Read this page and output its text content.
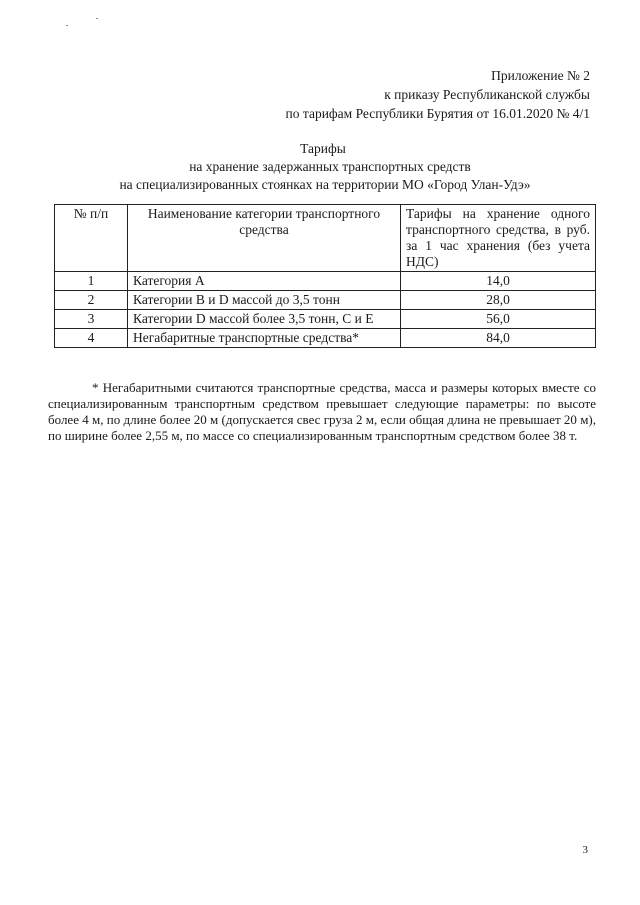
Приложение № 2
к приказу Республиканской службы
по тарифам Республики Бурятия от 16.01.2020 № 4/1
Тарифы
на хранение задержанных транспортных средств
на специализированных стоянках на территории МО «Город Улан-Удэ»
№ п/п	Наименование категории транспортного средства	Тарифы на хранение одного транспортного средства, в руб. за 1 час хранения (без учета НДС)
1	Категория А	14,0
2	Категории В и D массой до 3,5 тонн	28,0
3	Категории D массой более 3,5 тонн, С и Е	56,0
4	Негабаритные транспортные средства*	84,0
* Негабаритными считаются транспортные средства, масса и размеры которых вместе со специализированным транспортным средством превышает следующие параметры: по высоте более 4 м, по длине более 20 м (допускается свес груза 2 м, если общая длина не превышает 20 м), по ширине более 2,55 м, по массе со специализированным транспортным средством более 38 т.
3
